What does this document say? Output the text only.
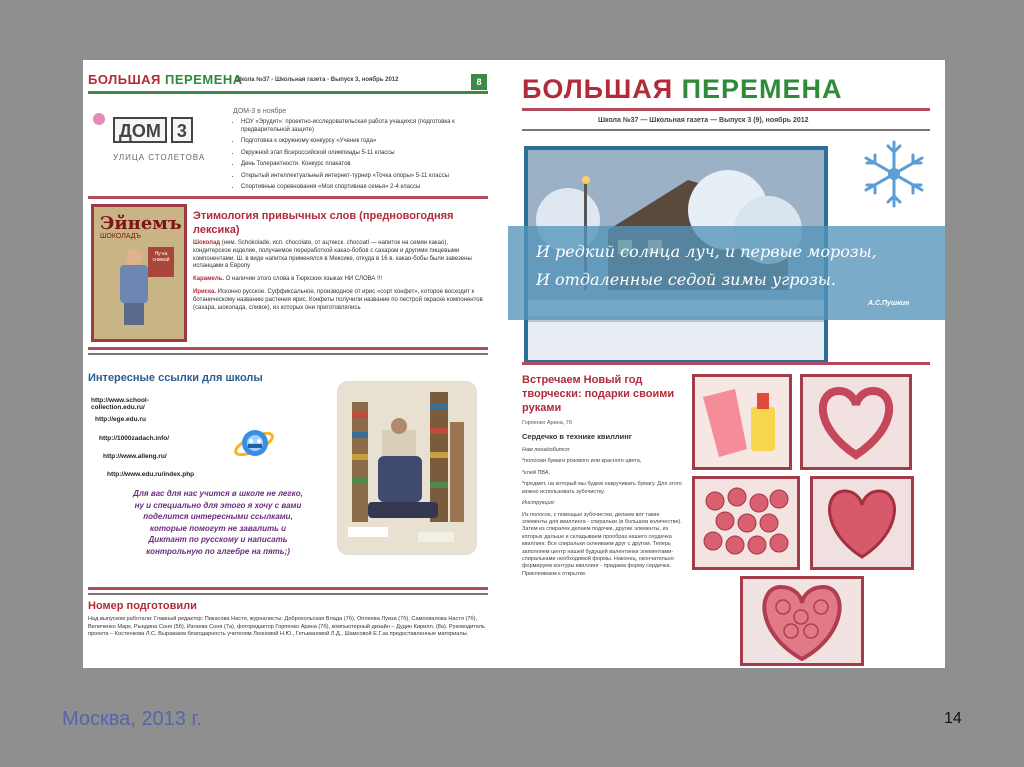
БОЛЬШАЯ ПЕРЕМЕНА
Школа №37 - Школьная газета - Выпуск 3, ноябрь 2012	8
ДОМ 3
УЛИЦА СТОЛЕТОВА
ДОМ-3 в ноябре
• НОУ «Эрудит»: проектно-исследовательская работа учащихся (подготовка к предварительной защите)
• Подготовка к окружному конкурсу «Ученик года»
• Окружной этап Всероссийской олимпиады 5-11 классы
• День Толерантности. Конкурс плакатов
• Открытый интеллектуальный интернет-турнир «Точка опоры» 5-11 классы
• Спортивные соревнования «Моя спортивная семья» 2-4 классы
Эйнемъ
ШОКОЛАДЪ
Ну-ка снимай
Этимология привычных слов (предновогодняя лексика)

Шоколад (нем. Schokolade, исп. chocolate, от ацтекск. chocoatl — напиток на семян какао), кондитерское изделие, получаемое переработкой какао-бобов с сахаром и другими пищевыми компонентами. Ш. в виде напитка применялся в Мексике, откуда в 16 в. какао-бобы были завезены испанцами в Европу

Карамель. О наличии этого слова в Тюркских языках НИ СЛОВА !!!

Ириска. Исконно русское. Суффиксальное, производное от ирис «сорт конфет», которое восходит к ботаническому названию растения ирис. Конфеты получили название по пестрой окраске компонентов (сахара, шоколада, сливок), из которых они приготовлялись

Интересные ссылки для школы
http://www.school-collection.edu.ru/
http://ege.edu.ru
http://1000zadach.info/
http://www.alleng.ru/
http://www.edu.ru/index.php
Для вас для нас учится в школе не легко, ну и специально для этого я хочу с вами поделится интересными ссылками, которые помогут не завалить и Диктант по русскому и написать контрольную по алгебре на пять;)
Номер подготовили
Над выпуском работали: Главный редактор: Пикасова Настя, журналисты: Доброхольская Влада (7б), Оплеева Луиза (7б), Самохвалова Настя (7б), Величенко Марк, Рындина Соня (5б), Изгаева Соня (7а), фоторедактор Горпенко Арина (7б), компьютерный дизайн – Дудин Кирилл, (8а). Руководитель проекта – Костенкова Л.С. Выражаем благодарность учителям Леоновой Н.Ю., Гетьмановой Л.Д., Шамсовой Е.Г.за предоставленные материалы.
БОЛЬШАЯ ПЕРЕМЕНА
Школа №37 — Школьная газета — Выпуск 3 (9), ноябрь 2012
И редкий солнца луч, и первые морозы,
И отдаленные седой зимы угрозы.
А.С.Пушкин
Встречаем Новый год творчески: подарки своими руками
Горпенко Арина, 7б
Сердечко в технике квиллинг

Нам понадобится:

*полосми бумаги розового или красного цвета,

*клей ПВА,

*предмет, на который мы будем накручивать бумагу. Для этого можно использовать зубочистку.

Инструкция:

Из полосок, с помощью зубочистки, делаем вот такие элементы для квиллинга - спиральки (в большом количестве). Затем из спиралек делаем подочки, другие элементы, из которых дальше и складываем прообраз нашего сердечка квиллинг. Все спиральки склеиваем друг с другом. Теперь заполняем центр нашей будущей валентинки элементами-спиральками необходимой формы. Наконец, окончательно формируем контуры квиллинг - придаем форму сердечка. Приклеиваем к открытке.

Москва, 2013 г.	14
